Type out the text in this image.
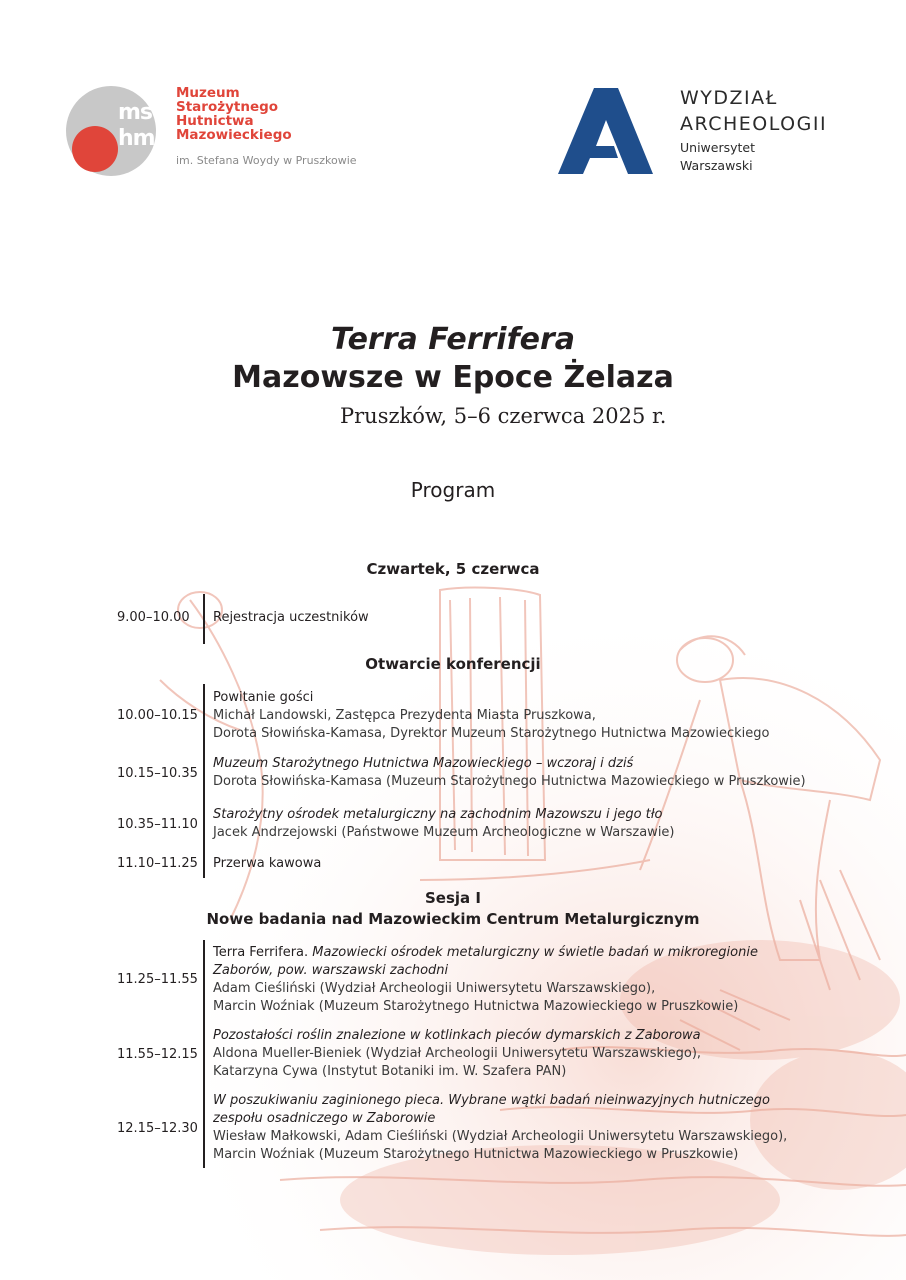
ms
hm
Muzeum
Starożytnego
Hutnictwa
Mazowieckiego
im. Stefana Woydy w Pruszkowie
WYDZIAŁ
ARCHEOLOGII
Uniwersytet
Warszawski
Terra Ferrifera
Mazowsze w Epoce Żelaza
Pruszków, 5–6 czerwca 2025 r.
Program
Czwartek, 5 czerwca
9.00–10.00 Rejestracja uczestników
Otwarcie konferencji
10.00–10.15
Powitanie gości
Michał Landowski, Zastępca Prezydenta Miasta Pruszkowa,
Dorota Słowińska-Kamasa, Dyrektor Muzeum Starożytnego Hutnictwa Mazowieckiego
10.15–10.35
Muzeum Starożytnego Hutnictwa Mazowieckiego – wczoraj i dziś
Dorota Słowińska-Kamasa (Muzeum Starożytnego Hutnictwa Mazowieckiego w Pruszkowie)
10.35–11.10
Starożytny ośrodek metalurgiczny na zachodnim Mazowszu i jego tło
Jacek Andrzejowski (Państwowe Muzeum Archeologiczne w Warszawie)
11.10–11.25 Przerwa kawowa
Sesja I
Nowe badania nad Mazowieckim Centrum Metalurgicznym
11.25–11.55
Terra Ferrifera. Mazowiecki ośrodek metalurgiczny w świetle badań w mikroregionie
Zaborów, pow. warszawski zachodni
Adam Cieśliński (Wydział Archeologii Uniwersytetu Warszawskiego),
Marcin Woźniak (Muzeum Starożytnego Hutnictwa Mazowieckiego w Pruszkowie)
11.55–12.15
Pozostałości roślin znalezione w kotlinkach pieców dymarskich z Zaborowa
Aldona Mueller-Bieniek (Wydział Archeologii Uniwersytetu Warszawskiego),
Katarzyna Cywa (Instytut Botaniki im. W. Szafera PAN)
12.15–12.30
W poszukiwaniu zaginionego pieca. Wybrane wątki badań nieinwazyjnych hutniczego
zespołu osadniczego w Zaborowie
Wiesław Małkowski, Adam Cieśliński (Wydział Archeologii Uniwersytetu Warszawskiego),
Marcin Woźniak (Muzeum Starożytnego Hutnictwa Mazowieckiego w Pruszkowie)
